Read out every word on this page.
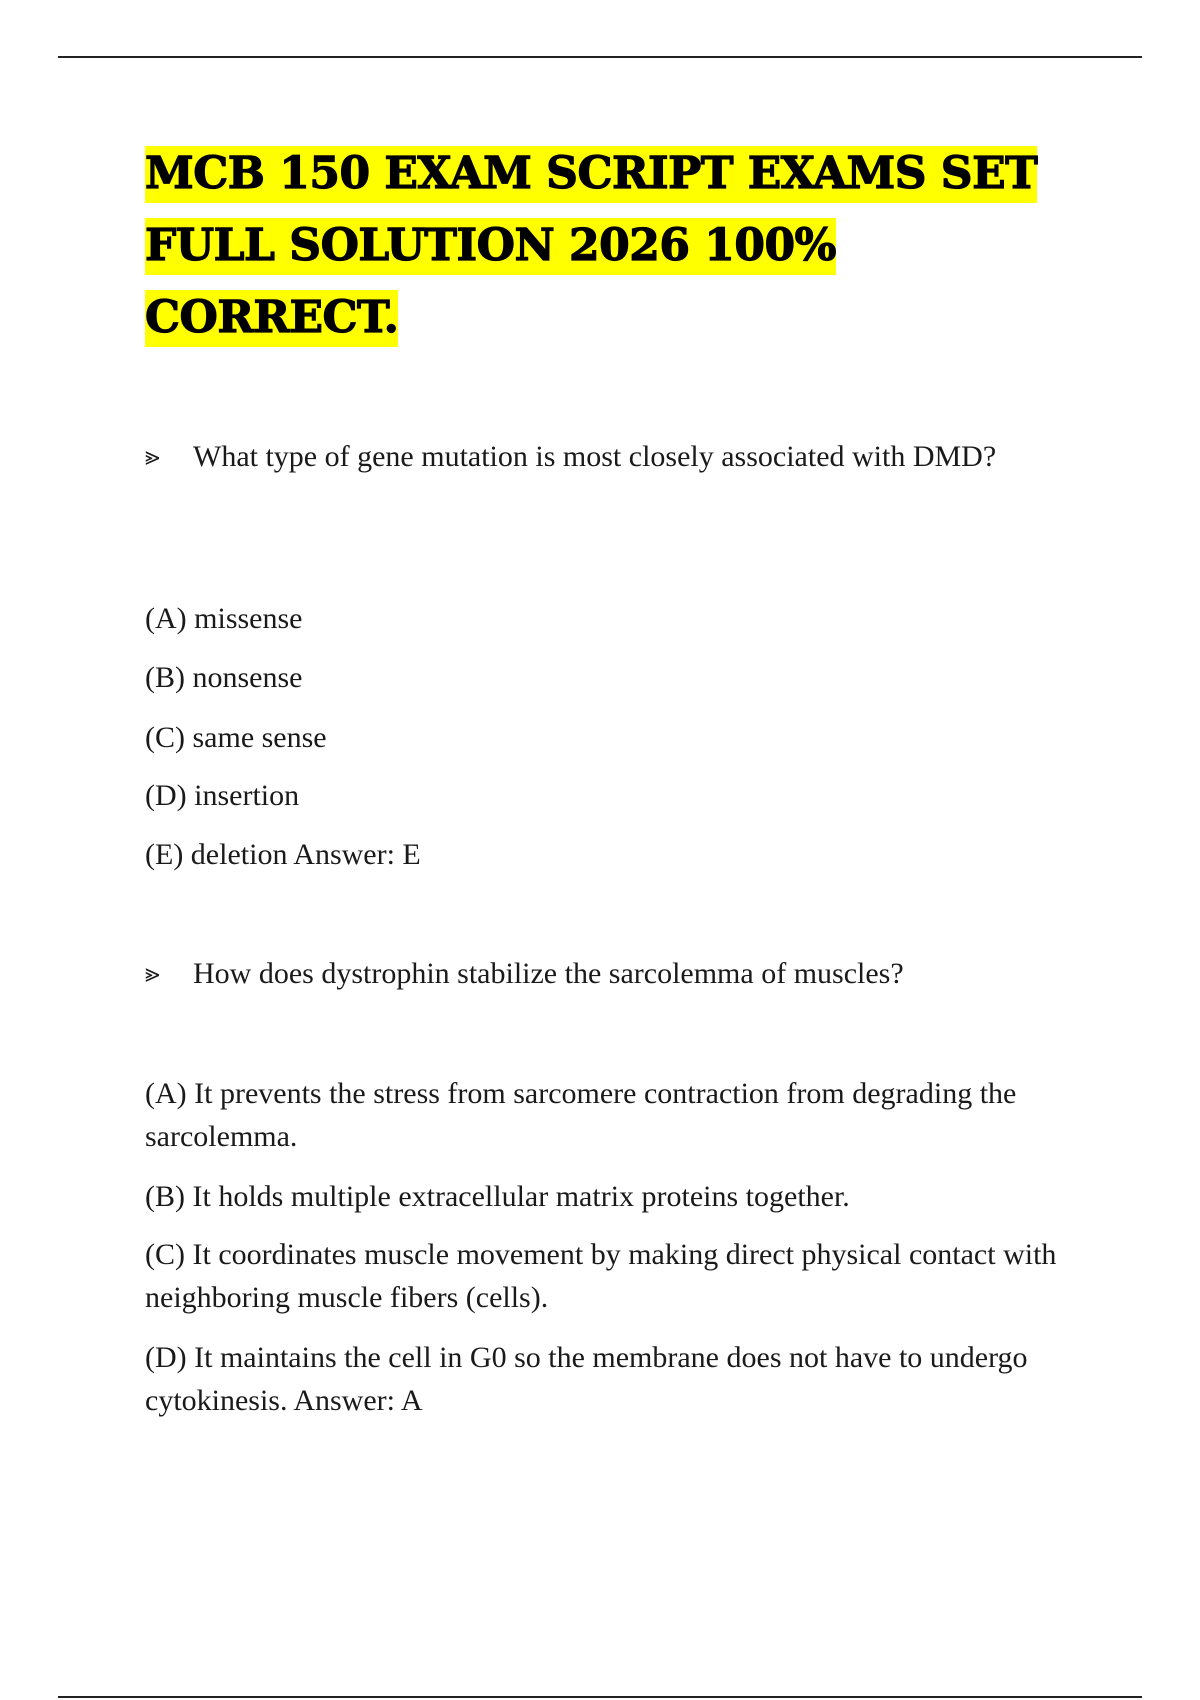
MCB 150 EXAM SCRIPT EXAMS SET
FULL SOLUTION 2026 100%
CORRECT.

⪢ What type of gene mutation is most closely associated with DMD?

(A) missense

(B) nonsense

(C) same sense

(D) insertion

(E) deletion Answer: E

⪢ How does dystrophin stabilize the sarcolemma of muscles?

(A) It prevents the stress from sarcomere contraction from degrading the sarcolemma.

(B) It holds multiple extracellular matrix proteins together.

(C) It coordinates muscle movement by making direct physical contact with neighboring muscle fibers (cells).

(D) It maintains the cell in G0 so the membrane does not have to undergo cytokinesis. Answer: A
